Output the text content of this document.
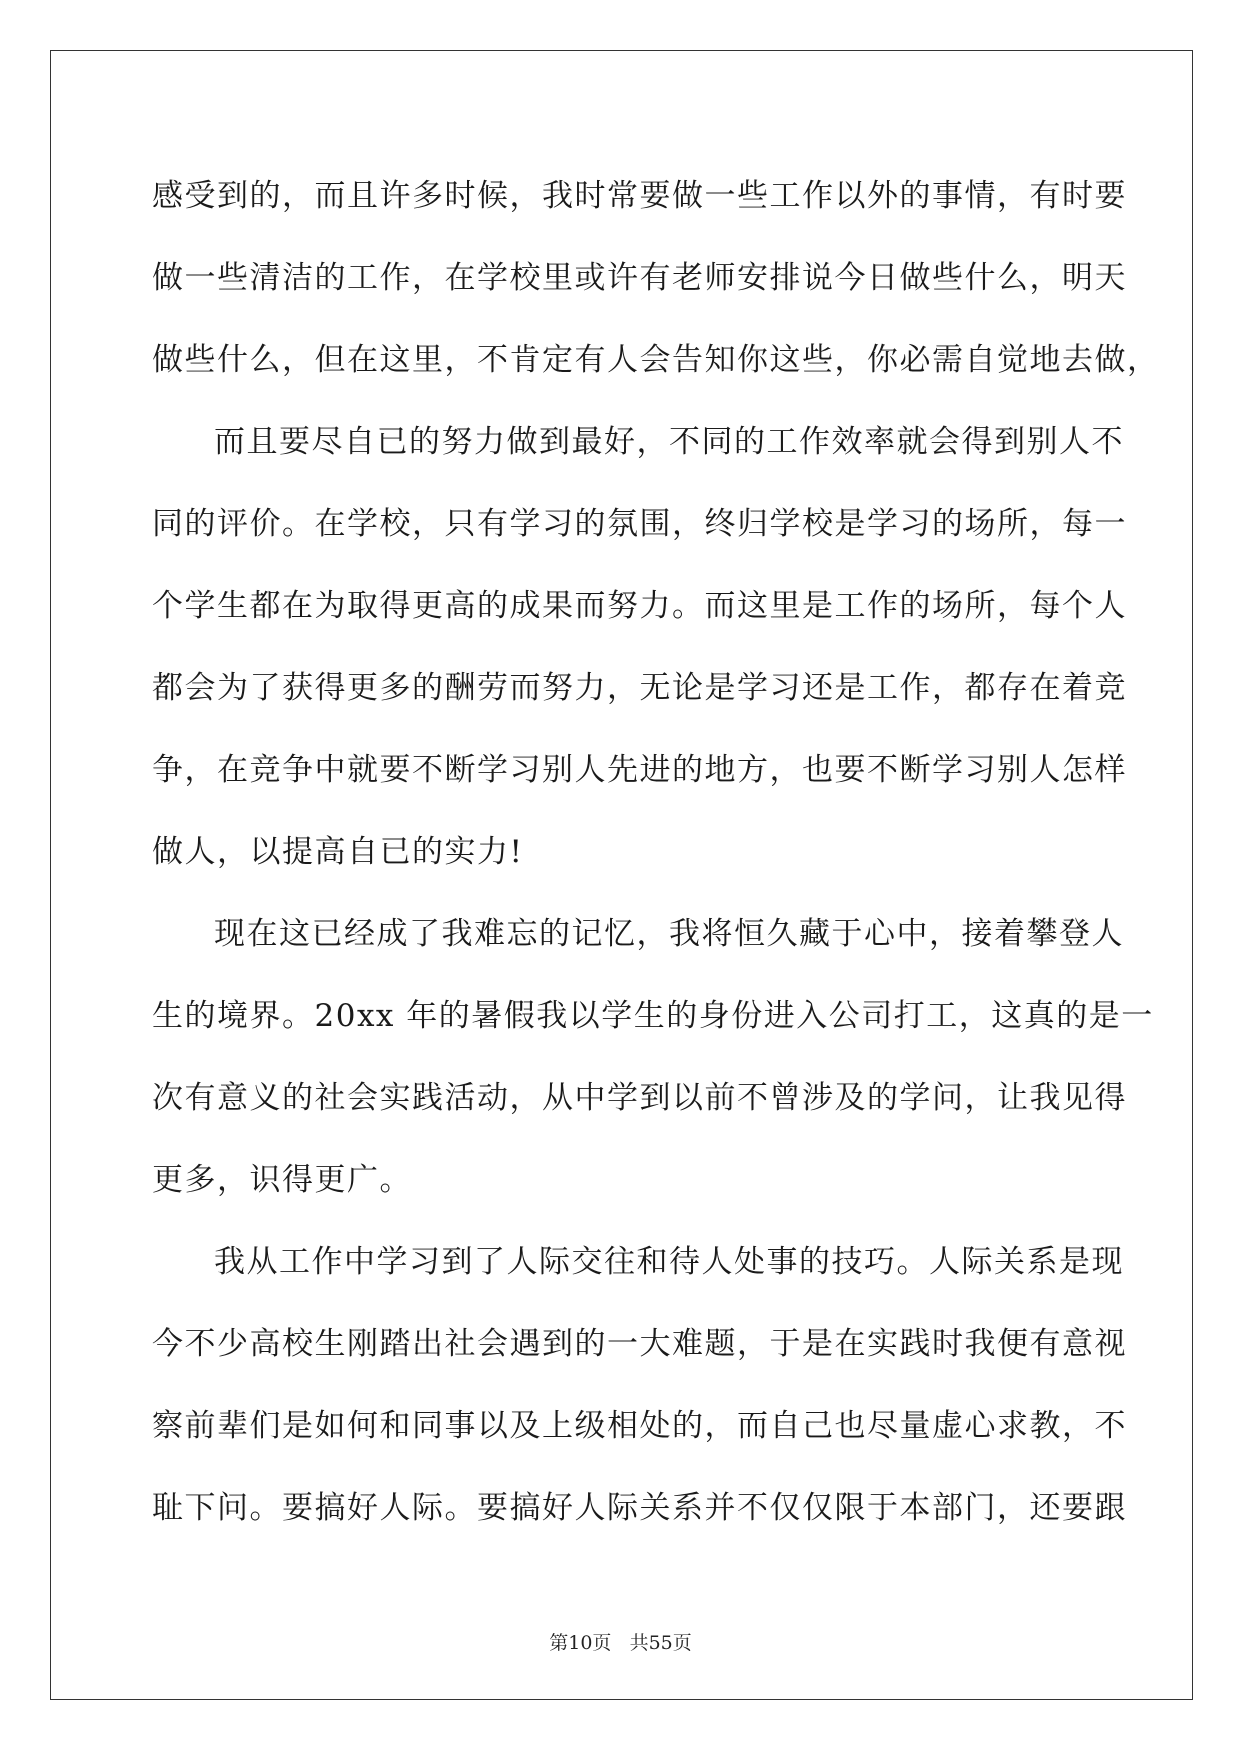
感受到的，而且许多时候，我时常要做一些工作以外的事情，有时要
做一些清洁的工作，在学校里或许有老师安排说今日做些什么，明天
做些什么，但在这里，不肯定有人会告知你这些，你必需自觉地去做，
而且要尽自已的努力做到最好，不同的工作效率就会得到别人不
同的评价。在学校，只有学习的氛围，终归学校是学习的场所，每一
个学生都在为取得更高的成果而努力。而这里是工作的场所，每个人
都会为了获得更多的酬劳而努力，无论是学习还是工作，都存在着竞
争，在竞争中就要不断学习别人先进的地方，也要不断学习别人怎样
做人，以提高自已的实力!
现在这已经成了我难忘的记忆，我将恒久藏于心中，接着攀登人
生的境界。20xx 年的暑假我以学生的身份进入公司打工，这真的是一
次有意义的社会实践活动，从中学到以前不曾涉及的学问，让我见得
更多，识得更广。
我从工作中学习到了人际交往和待人处事的技巧。人际关系是现
今不少高校生刚踏出社会遇到的一大难题，于是在实践时我便有意视
察前辈们是如何和同事以及上级相处的，而自己也尽量虚心求教，不
耻下问。要搞好人际。要搞好人际关系并不仅仅限于本部门，还要跟
第10页 共55页
